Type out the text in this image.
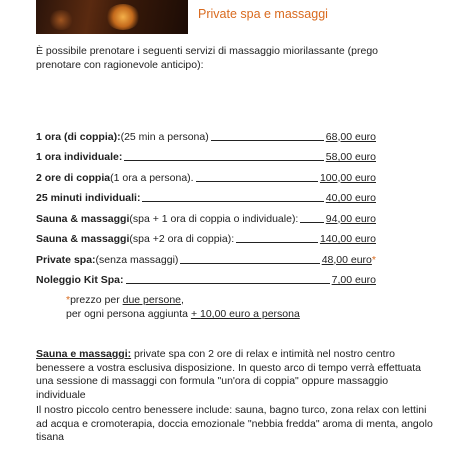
Private spa e massaggi
È possibile prenotare i seguenti servizi di massaggio miorilassante (prego prenotare con ragionevole anticipo):
1 ora (di coppia) : (25 min a persona)	68,00 euro
1 ora individuale :	58,00 euro
2 ore di coppia (1 ora a persona).	100,00 euro
25 minuti individuali :	40,00 euro
Sauna & massaggi (spa + 1 ora di coppia o individuale):	94,00 euro
Sauna & massaggi (spa +2 ora di coppia):	140,00 euro
Private spa: (senza massaggi)	48,00 euro *
Noleggio Kit Spa:	7,00 euro
*prezzo per due persone,
per ogni persona aggiunta + 10,00 euro a persona
Sauna e massaggi: private spa con 2 ore di relax e intimità nel nostro centro benessere a vostra esclusiva disposizione. In questo arco di tempo verrà effettuata una sessione di massaggi con formula "un'ora di coppia" oppure massaggio individuale
Il nostro piccolo centro benessere include: sauna, bagno turco, zona relax con lettini ad acqua e cromoterapia, doccia emozionale "nebbia fredda" aroma di menta, angolo tisana
